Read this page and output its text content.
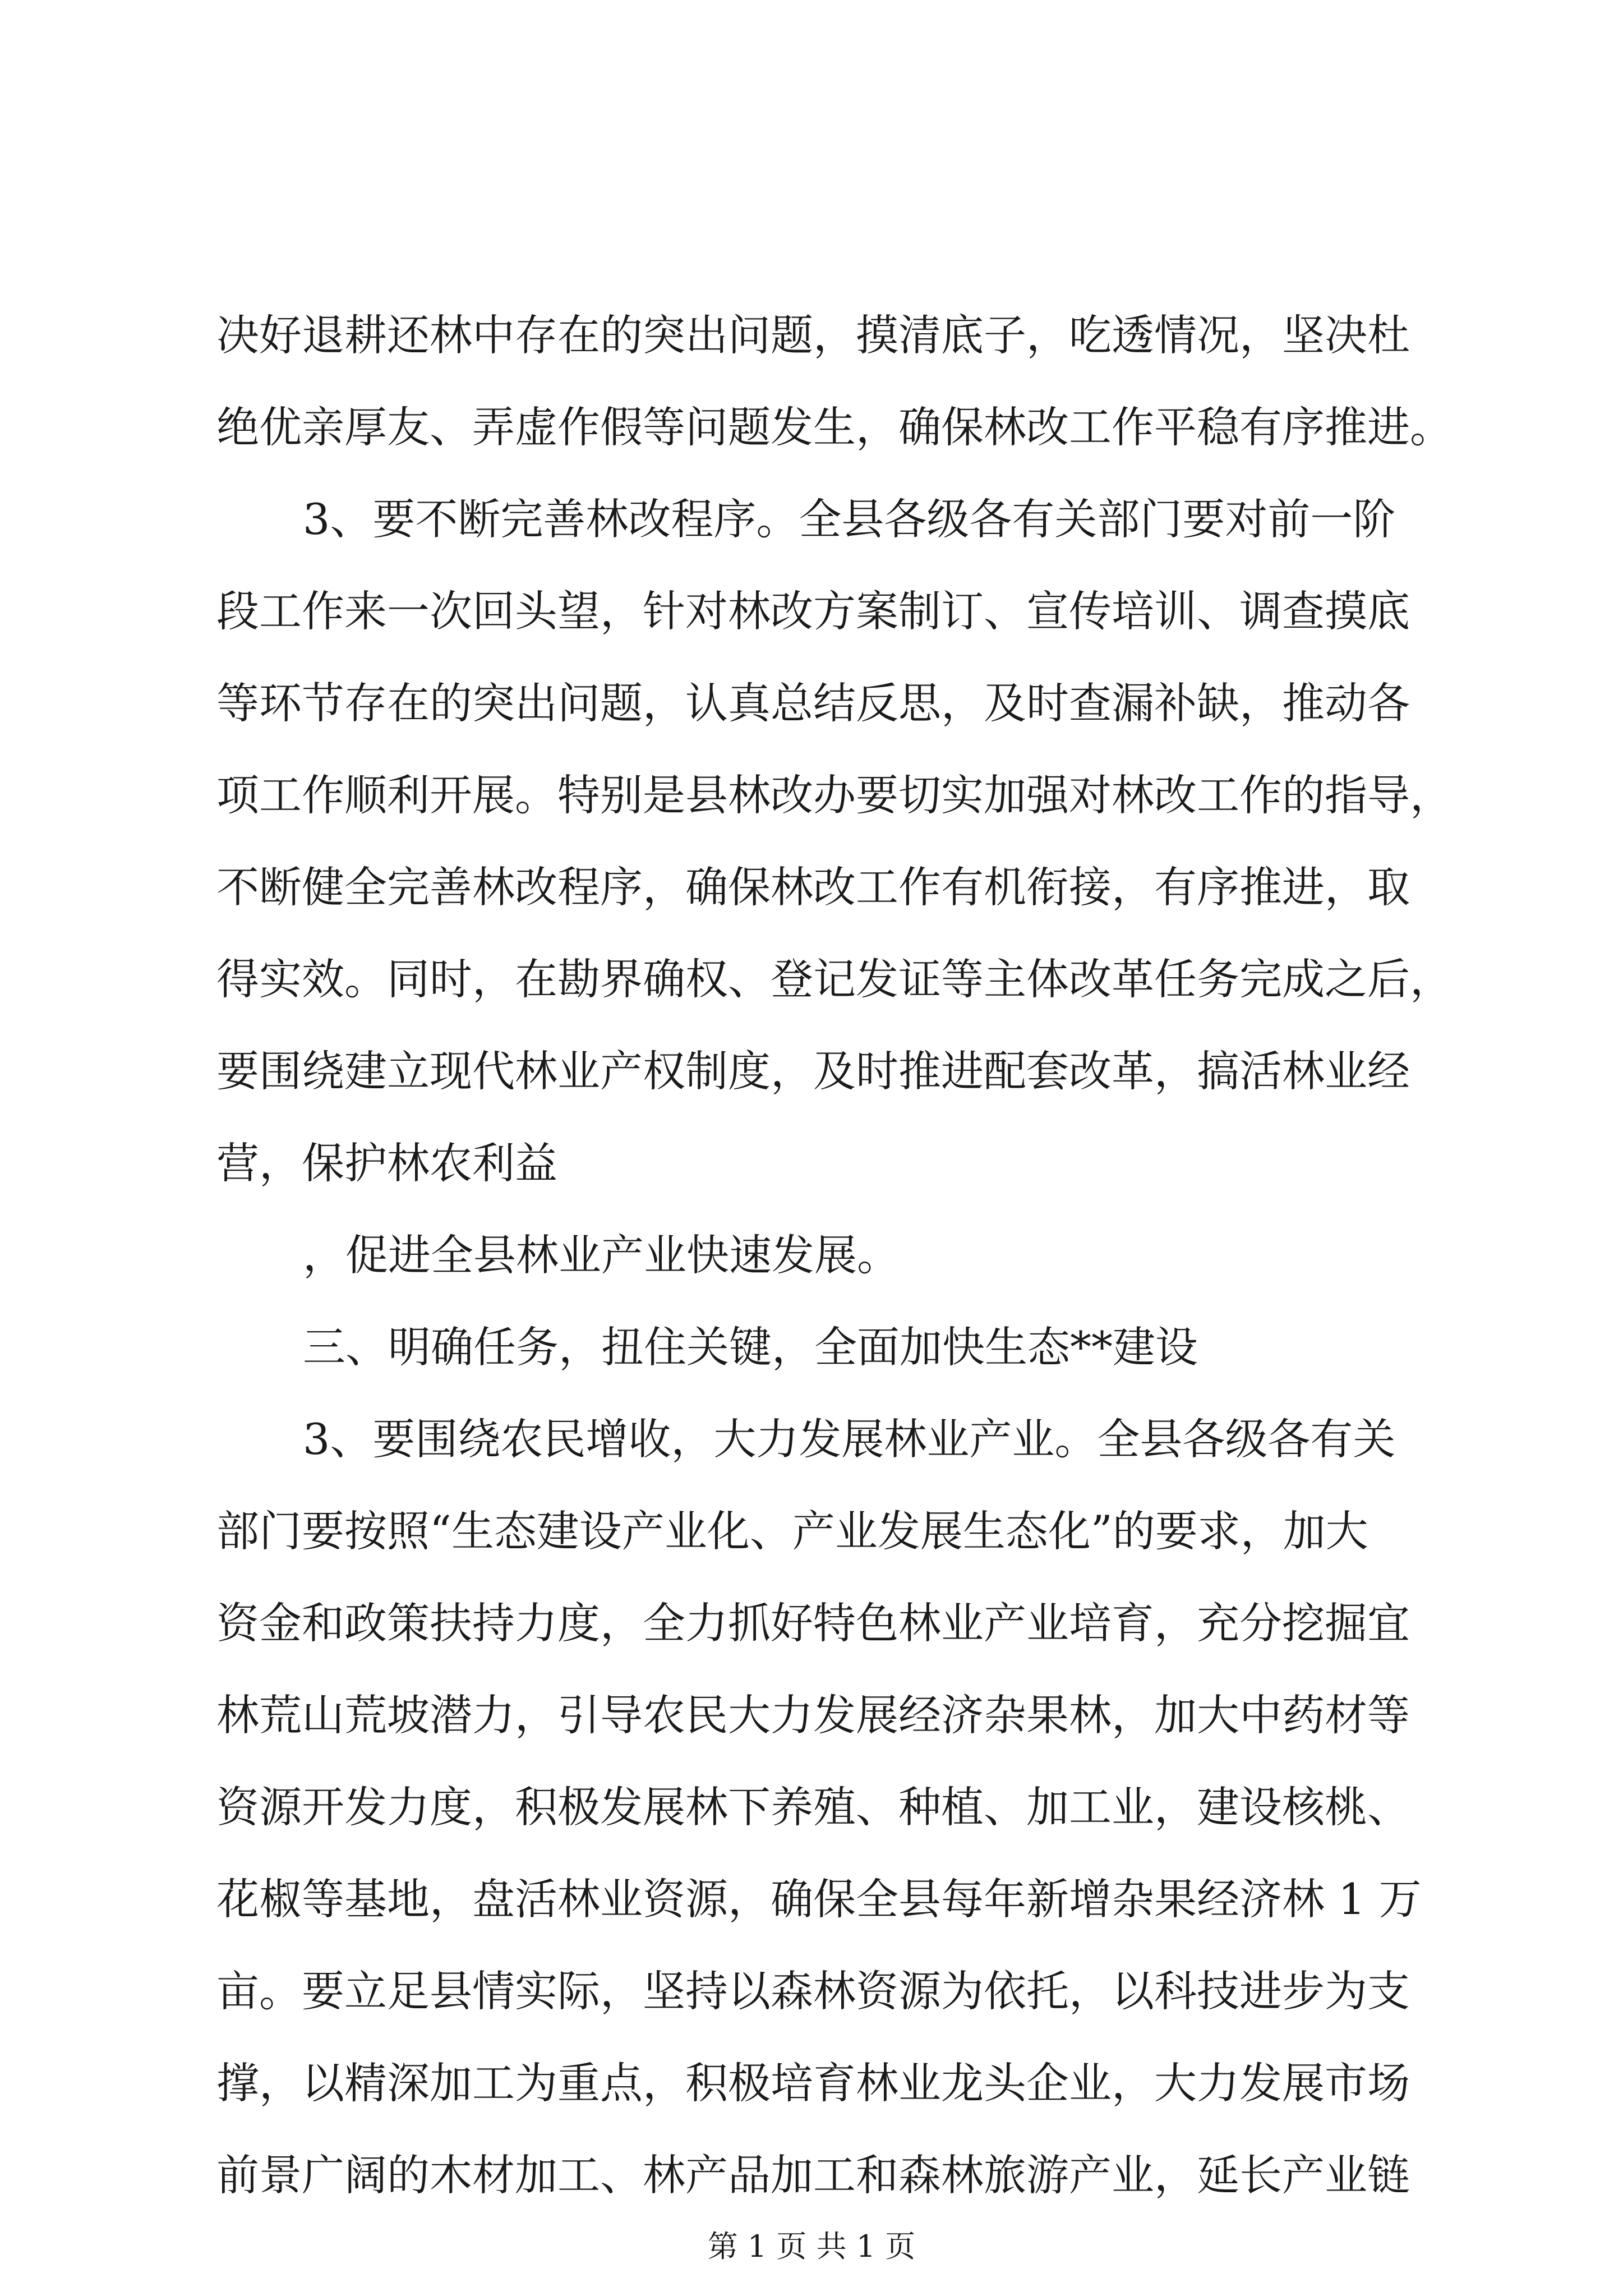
决好退耕还林中存在的突出问题，摸清底子，吃透情况，坚决杜
绝优亲厚友、弄虚作假等问题发生，确保林改工作平稳有序推进。
3、要不断完善林改程序。全县各级各有关部门要对前一阶
段工作来一次回头望，针对林改方案制订、宣传培训、调查摸底
等环节存在的突出问题，认真总结反思，及时查漏补缺，推动各
项工作顺利开展。特别是县林改办要切实加强对林改工作的指导，
不断健全完善林改程序，确保林改工作有机衔接，有序推进，取
得实效。同时，在勘界确权、登记发证等主体改革任务完成之后，
要围绕建立现代林业产权制度，及时推进配套改革，搞活林业经
营，保护林农利益
，促进全县林业产业快速发展。
三、明确任务，扭住关键，全面加快生态**建设
3、要围绕农民增收，大力发展林业产业。全县各级各有关
部门要按照“生态建设产业化、产业发展生态化”的要求，加大
资金和政策扶持力度，全力抓好特色林业产业培育，充分挖掘宜
林荒山荒坡潜力，引导农民大力发展经济杂果林，加大中药材等
资源开发力度，积极发展林下养殖、种植、加工业，建设核桃、
花椒等基地，盘活林业资源，确保全县每年新增杂果经济林 1 万
亩。要立足县情实际，坚持以森林资源为依托，以科技进步为支
撑，以精深加工为重点，积极培育林业龙头企业，大力发展市场
前景广阔的木材加工、林产品加工和森林旅游产业，延长产业链
第 1 页 共 1 页
